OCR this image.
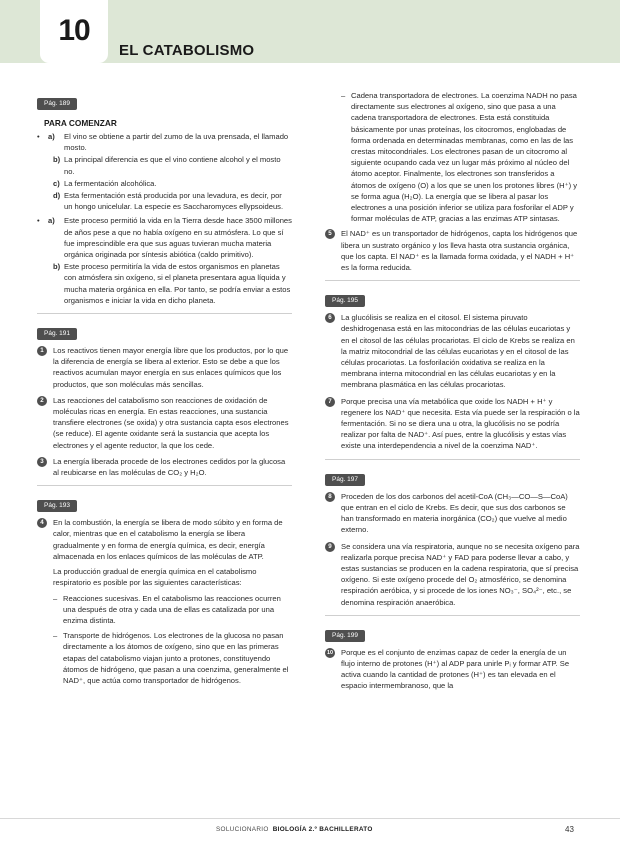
10
EL CATABOLISMO
Pág. 189
PARA COMENZAR
• a) El vino se obtiene a partir del zumo de la uva prensada, el llamado mosto.
b) La principal diferencia es que el vino contiene alcohol y el mosto no.
c) La fermentación alcohólica.
d) Esta fermentación está producida por una levadura, es decir, por un hongo unicelular. La especie es Saccharomyces ellypsoideus.
• a) Este proceso permitió la vida en la Tierra desde hace 3500 millones de años pese a que no había oxígeno en su atmósfera. Lo que sí fue imprescindible era que sus aguas tuvieran mucha materia orgánica originada por síntesis abiótica (caldo primitivo).
b) Este proceso permitiría la vida de estos organismos en planetas con atmósfera sin oxígeno, si el planeta presentara agua líquida y mucha materia orgánica en ella. Por tanto, se podría enviar a estos organismos e iniciar la vida en dicho planeta.
Pág. 191
1	Los reactivos tienen mayor energía libre que los productos, por lo que la diferencia de energía se libera al exterior. Esto se debe a que los reactivos acumulan mayor energía en sus enlaces químicos que los productos, que son moléculas más sencillas.
2	Las reacciones del catabolismo son reacciones de oxidación de moléculas ricas en energía. En estas reacciones, una sustancia transfiere electrones (se oxida) y otra sustancia capta esos electrones (se reduce). El agente oxidante será la sustancia que acepta los electrones y el agente reductor, la que los cede.
3	La energía liberada procede de los electrones cedidos por la glucosa al reubicarse en las moléculas de CO₂ y H₂O.
Pág. 193
4	En la combustión, la energía se libera de modo súbito y en forma de calor, mientras que en el catabolismo la energía se libera gradualmente y en forma de energía química, es decir, energía almacenada en los enlaces químicos de las moléculas de ATP.
La producción gradual de energía química en el catabolismo respiratorio es posible por las siguientes características:
– Reacciones sucesivas. En el catabolismo las reacciones ocurren una después de otra y cada una de ellas es catalizada por una enzima distinta.
– Transporte de hidrógenos. Los electrones de la glucosa no pasan directamente a los átomos de oxígeno, sino que en las primeras etapas del catabolismo viajan junto a protones, constituyendo átomos de hidrógeno, que pasan a una coenzima, generalmente el NAD⁺, que actúa como transportador de hidrógenos.
– Cadena transportadora de electrones. La coenzima NADH no pasa directamente sus electrones al oxígeno, sino que pasa a una cadena transportadora de electrones. Esta está constituida básicamente por unas proteínas, los citocromos, englobadas de forma ordenada en determinadas membranas, como en las de las crestas mitocondriales. Los electrones pasan de un citocromo al siguiente ocupando cada vez un lugar más próximo al núcleo del átomo aceptor. Finalmente, los electrones son transferidos a átomos de oxígeno (O) a los que se unen los protones libres (H⁺) y se forma agua (H₂O). La energía que se libera al pasar los electrones a una posición inferior se utiliza para fosforilar el ADP y formar moléculas de ATP, gracias a las enzimas ATP sintasas.
5	El NAD⁺ es un transportador de hidrógenos, capta los hidrógenos que libera un sustrato orgánico y los lleva hasta otra sustancia orgánica, que los capta. El NAD⁺ es la llamada forma oxidada, y el NADH + H⁺ es la forma reducida.
Pág. 195
6	La glucólisis se realiza en el citosol. El sistema piruvato deshidrogenasa está en las mitocondrias de las células eucariotas y en el citosol de las células procariotas. El ciclo de Krebs se realiza en la matriz mitocondrial de las células eucariotas y en el citosol de las células procariotas. La fosforilación oxidativa se realiza en la membrana interna mitocondrial en las células eucariotas y en la membrana plasmática en las células procariotas.
7	Porque precisa una vía metabólica que oxide los NADH + H⁺ y regenere los NAD⁺ que necesita. Esta vía puede ser la respiración o la fermentación. Si no se diera una u otra, la glucólisis no se podría realizar por falta de NAD⁺. Así pues, entre la glucólisis y estas vías existe una interdependencia a nivel de la coenzima NAD⁺.
Pág. 197
8	Proceden de los dos carbonos del acetil-CoA (CH₃—CO—S—CoA) que entran en el ciclo de Krebs. Es decir, que sus dos carbonos se han transformado en materia inorgánica (CO₂) que vuelve al medio externo.
9	Se considera una vía respiratoria, aunque no se necesita oxígeno para realizarla porque precisa NAD⁺ y FAD para poderse llevar a cabo, y estas sustancias se producen en la cadena respiratoria, que sí precisa oxígeno. Si este oxígeno procede del O₂ atmosférico, se denomina respiración aeróbica, y si procede de los iones NO₃⁻, SO₄²⁻, etc., se denomina respiración anaeróbica.
Pág. 199
10 Porque es el conjunto de enzimas capaz de ceder la energía de un flujo interno de protones (H⁺) al ADP para unirle Pᵢ y formar ATP. Se activa cuando la cantidad de protones (H⁺) es tan elevada en el espacio intermembranoso, que la
SOLUCIONARIO BIOLOGÍA 2.º BACHILLERATO	43
